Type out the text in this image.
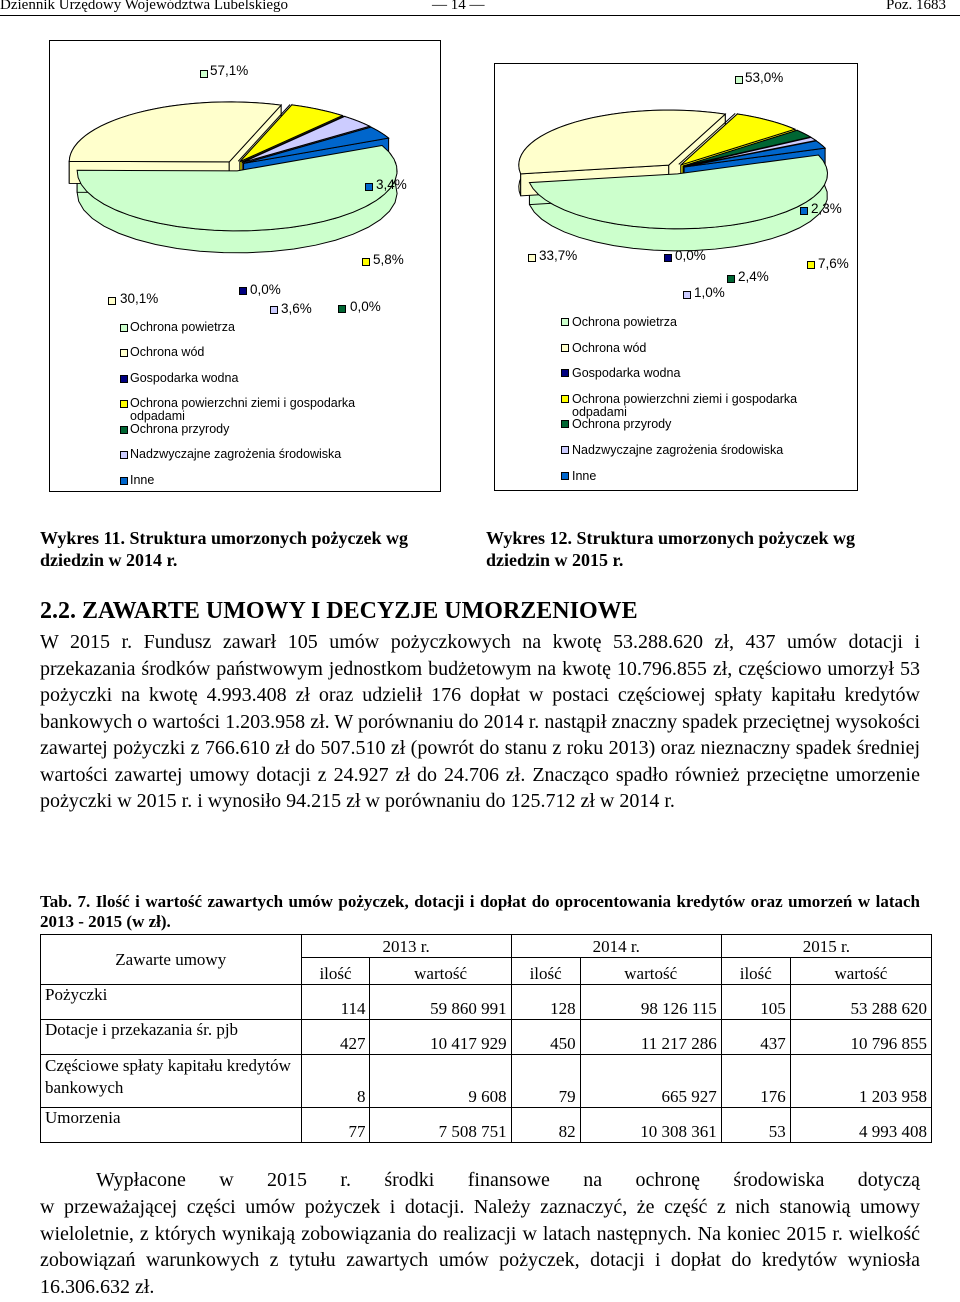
Dziennik Urzędowy Województwa Lubelskiego	— 14 —	Poz. 1683
57,1%
3,4%
5,8%
30,1%
0,0%
3,6%	0,0%
Ochrona powietrza
Ochrona wód
Gospodarka wodna
Ochrona powierzchni ziemi i gospodarka odpadami
Ochrona przyrody
Nadzwyczajne zagrożenia środowiska
Inne
53,0%
2,3%
33,7%	0,0%
7,6%
2,4%
1,0%
Ochrona powietrza
Ochrona wód
Gospodarka wodna
Ochrona powierzchni ziemi i gospodarka odpadami
Ochrona przyrody
Nadzwyczajne zagrożenia środowiska
Inne
Wykres 11. Struktura umorzonych pożyczek wg
dziedzin w 2014 r.
Wykres 12. Struktura umorzonych pożyczek wg
dziedzin w 2015 r.
2.2. ZAWARTE UMOWY I DECYZJE UMORZENIOWE
W 2015 r. Fundusz zawarł 105 umów pożyczkowych na kwotę 53.288.620 zł, 437 umów dotacji i przekazania środków państwowym jednostkom budżetowym na kwotę 10.796.855 zł, częściowo umorzył 53 pożyczki na kwotę 4.993.408 zł oraz udzielił 176 dopłat w postaci częściowej spłaty kapitału kredytów bankowych o wartości 1.203.958 zł. W porównaniu do 2014 r. nastąpił znaczny spadek przeciętnej wysokości zawartej pożyczki z 766.610 zł do 507.510 zł (powrót do stanu z roku 2013) oraz nieznaczny spadek średniej wartości zawartej umowy dotacji z 24.927 zł do 24.706 zł. Znacząco spadło również przeciętne umorzenie pożyczki w 2015 r. i wynosiło 94.215 zł w porównaniu do 125.712 zł w 2014 r.
Tab. 7. Ilość i wartość zawartych umów pożyczek, dotacji i dopłat do oprocentowania kredytów oraz umorzeń w latach 2013 - 2015 (w zł).
Zawarte umowy	2013 r.		2014 r.		2015 r.	
	ilość	wartość	ilość	wartość	ilość	wartość
Pożyczki	114	59 860 991	128	98 126 115	105	53 288 620
Dotacje i przekazania śr. pjb	427	10 417 929	450	11 217 286	437	10 796 855
Częściowe spłaty kapitału kredytów bankowych	8	9 608	79	665 927	176	1 203 958
Umorzenia	77	7 508 751	82	10 308 361	53	4 993 408
Wypłacone w 2015 r. środki finansowe na ochronę środowiska dotyczą
w przeważającej części umów pożyczek i dotacji. Należy zaznaczyć, że część z nich stanowią umowy wieloletnie, z których wynikają zobowiązania do realizacji w latach następnych. Na koniec 2015 r. wielkość zobowiązań warunkowych z tytułu zawartych umów pożyczek, dotacji i dopłat do kredytów wyniosła 16.306.632 zł.
